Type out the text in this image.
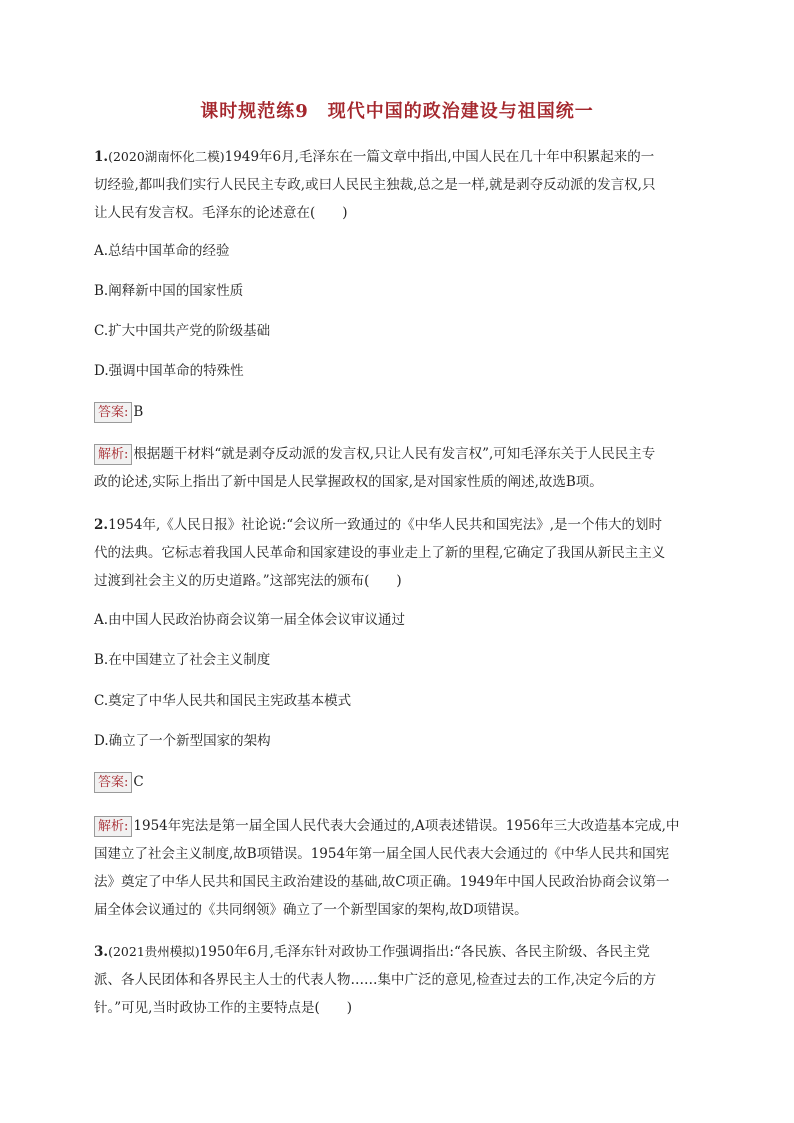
课时规范练9　现代中国的政治建设与祖国统一
1.(2020湖南怀化二模)1949年6月,毛泽东在一篇文章中指出,中国人民在几十年中积累起来的一
切经验,都叫我们实行人民民主专政,或曰人民民主独裁,总之是一样,就是剥夺反动派的发言权,只
让人民有发言权。毛泽东的论述意在(　　)
A.总结中国革命的经验
B.阐释新中国的国家性质
C.扩大中国共产党的阶级基础
D.强调中国革命的特殊性
答案: B
解析: 根据题干材料“就是剥夺反动派的发言权,只让人民有发言权”,可知毛泽东关于人民民主专
政的论述,实际上指出了新中国是人民掌握政权的国家,是对国家性质的阐述,故选B项。
2.1954年,《人民日报》社论说:“会议所一致通过的《中华人民共和国宪法》,是一个伟大的划时
代的法典。它标志着我国人民革命和国家建设的事业走上了新的里程,它确定了我国从新民主主义
过渡到社会主义的历史道路。”这部宪法的颁布(　　)
A.由中国人民政治协商会议第一届全体会议审议通过
B.在中国建立了社会主义制度
C.奠定了中华人民共和国民主宪政基本模式
D.确立了一个新型国家的架构
答案: C
解析: 1954年宪法是第一届全国人民代表大会通过的,A项表述错误。1956年三大改造基本完成,中
国建立了社会主义制度,故B项错误。1954年第一届全国人民代表大会通过的《中华人民共和国宪
法》奠定了中华人民共和国民主政治建设的基础,故C项正确。1949年中国人民政治协商会议第一
届全体会议通过的《共同纲领》确立了一个新型国家的架构,故D项错误。
3.(2021贵州模拟)1950年6月,毛泽东针对政协工作强调指出:“各民族、各民主阶级、各民主党
派、各人民团体和各界民主人士的代表人物……集中广泛的意见,检查过去的工作,决定今后的方
针。”可见,当时政协工作的主要特点是(　　)
